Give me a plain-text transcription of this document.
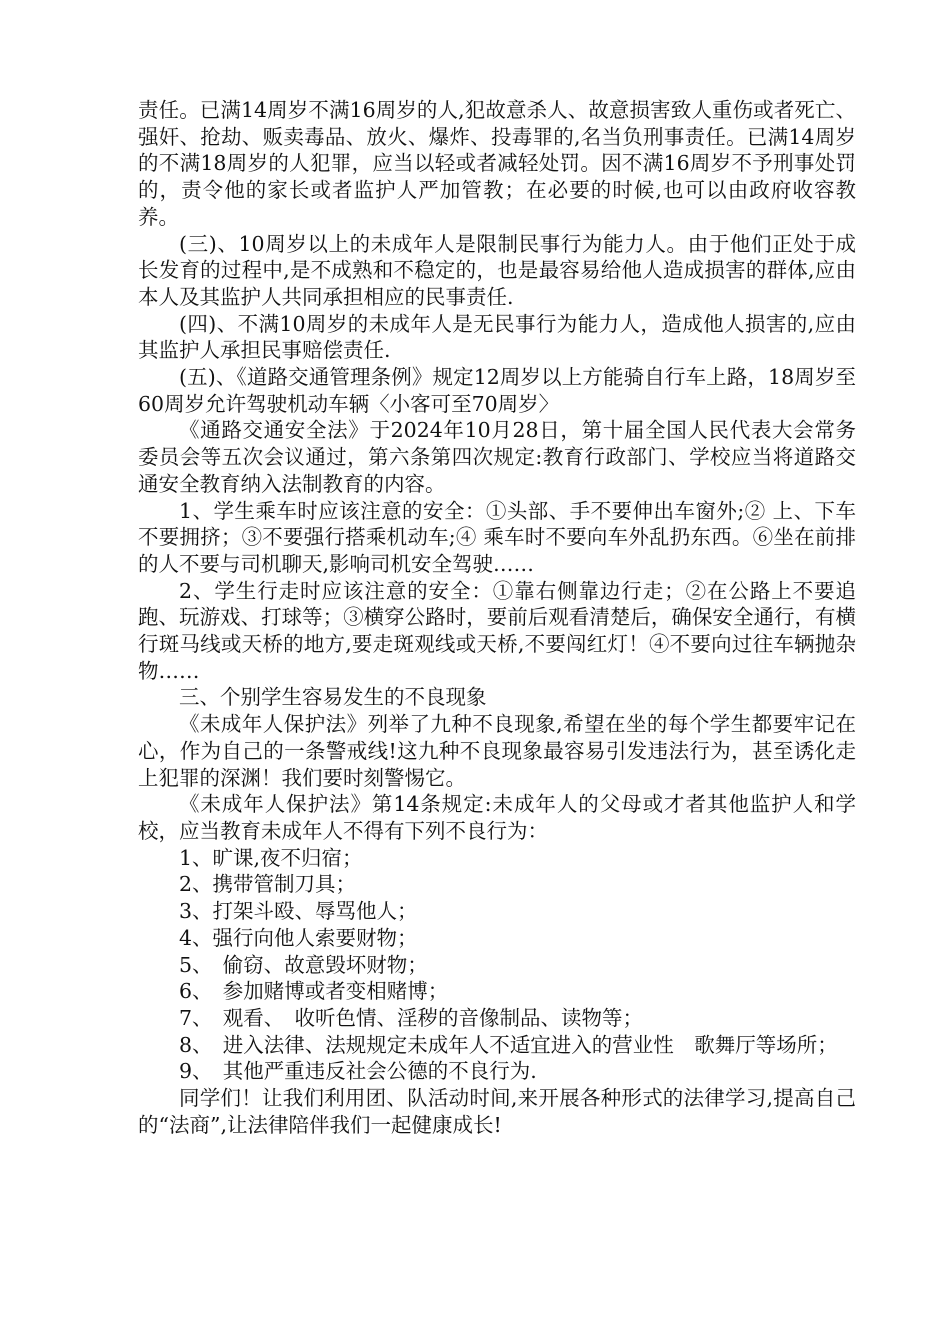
责任。已满14周岁不满16周岁的人,犯故意杀人、故意损害致人重伤或者死亡、强奸、抢劫、贩卖毒品、放火、爆炸、投毒罪的,名当负刑事责任。已满14周岁的不满18周岁的人犯罪，应当以轻或者减轻处罚。因不满16周岁不予刑事处罚的，责令他的家长或者监护人严加管教；在必要的时候,也可以由政府收容教养。

(三)、10周岁以上的未成年人是限制民事行为能力人。由于他们正处于成长发育的过程中,是不成熟和不稳定的，也是最容易给他人造成损害的群体,应由本人及其监护人共同承担相应的民事责任.

(四)、不满10周岁的未成年人是无民事行为能力人，造成他人损害的,应由其监护人承担民事赔偿责任.

(五)、《道路交通管理条例》规定12周岁以上方能骑自行车上路，18周岁至60周岁允许驾驶机动车辆〈小客可至70周岁〉

《通路交通安全法》于2024年10月28日，第十届全国人民代表大会常务委员会等五次会议通过，第六条第四次规定:教育行政部门、学校应当将道路交通安全教育纳入法制教育的内容。

1、学生乘车时应该注意的安全：①头部、手不要伸出车窗外;② 上、下车不要拥挤；③不要强行搭乘机动车;④ 乘车时不要向车外乱扔东西。⑥坐在前排的人不要与司机聊天,影响司机安全驾驶……

2、学生行走时应该注意的安全：①靠右侧靠边行走；②在公路上不要追跑、玩游戏、打球等；③横穿公路时，要前后观看清楚后，确保安全通行，有横行斑马线或天桥的地方,要走斑观线或天桥,不要闯红灯！④不要向过往车辆抛杂物……

三、个别学生容易发生的不良现象

《未成年人保护法》列举了九种不良现象,希望在坐的每个学生都要牢记在心，作为自己的一条警戒线!这九种不良现象最容易引发违法行为，甚至诱化走上犯罪的深渊！我们要时刻警惕它。

《未成年人保护法》第14条规定:未成年人的父母或才者其他监护人和学校，应当教育未成年人不得有下列不良行为：

1、旷课,夜不归宿；

2、携带管制刀具；

3、打架斗殴、辱骂他人；

4、强行向他人索要财物；

5、　偷窃、故意毁坏财物；

6、　参加赌博或者变相赌博；

7、　观看、　收听色情、淫秽的音像制品、读物等；

8、　进入法律、法规规定未成年人不适宜进入的营业性　歌舞厅等场所；

9、　其他严重违反社会公德的不良行为.

同学们！让我们利用团、队活动时间,来开展各种形式的法律学习,提高自己的“法商”,让法律陪伴我们一起健康成长!
